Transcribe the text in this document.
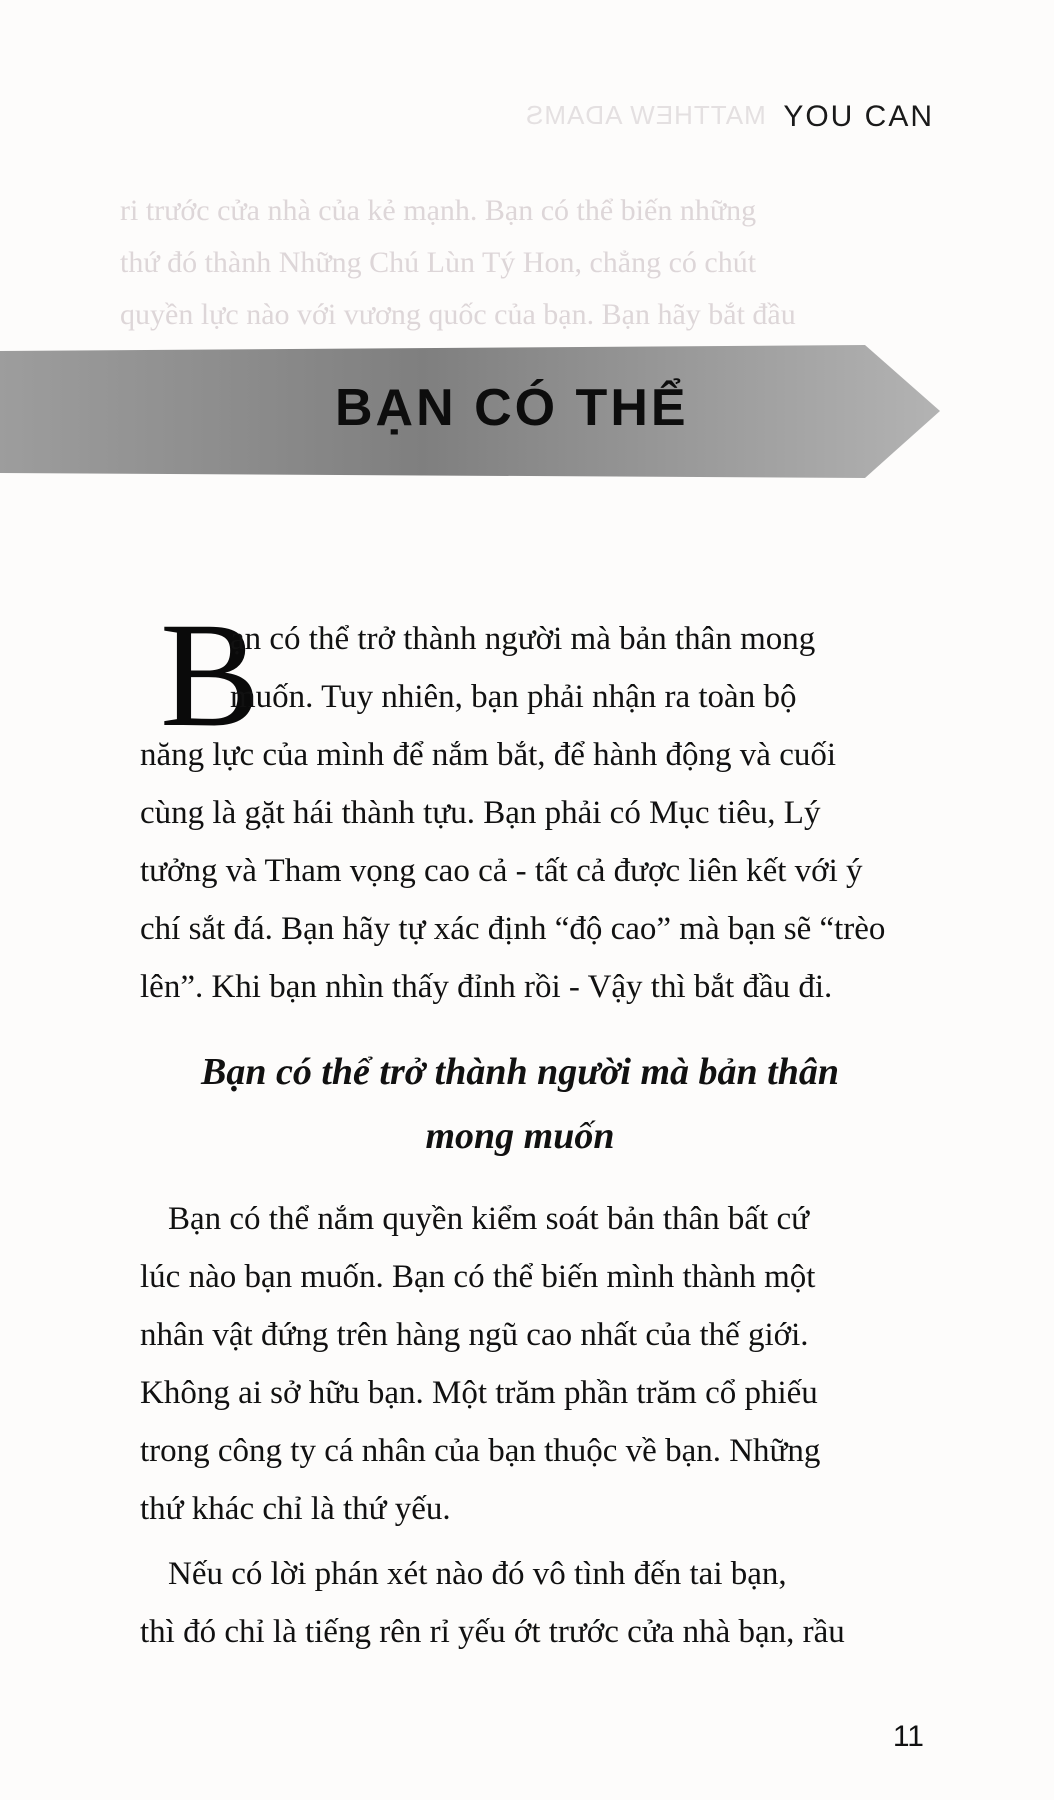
MATTHEW ADAMS YOU CAN
ri trước cửa nhà của kẻ mạnh. Bạn có thể biến những
thứ đó thành Những Chú Lùn Tý Hon, chẳng có chút
quyền lực nào với vương quốc của bạn. Bạn hãy bắt đầu
BẠN CÓ THỂ
B
ạn có thể trở thành người mà bản thân mong
muốn. Tuy nhiên, bạn phải nhận ra toàn bộ
năng lực của mình để nắm bắt, để hành động và cuối
cùng là gặt hái thành tựu. Bạn phải có Mục tiêu, Lý
tưởng và Tham vọng cao cả - tất cả được liên kết với ý
chí sắt đá. Bạn hãy tự xác định “độ cao” mà bạn sẽ “trèo
lên”. Khi bạn nhìn thấy đỉnh rồi - Vậy thì bắt đầu đi.
Bạn có thể trở thành người mà bản thân
mong muốn
Bạn có thể nắm quyền kiểm soát bản thân bất cứ
lúc nào bạn muốn. Bạn có thể biến mình thành một
nhân vật đứng trên hàng ngũ cao nhất của thế giới.
Không ai sở hữu bạn. Một trăm phần trăm cổ phiếu
trong công ty cá nhân của bạn thuộc về bạn. Những
thứ khác chỉ là thứ yếu.
Nếu có lời phán xét nào đó vô tình đến tai bạn,
thì đó chỉ là tiếng rên rỉ yếu ớt trước cửa nhà bạn, rầu
11
